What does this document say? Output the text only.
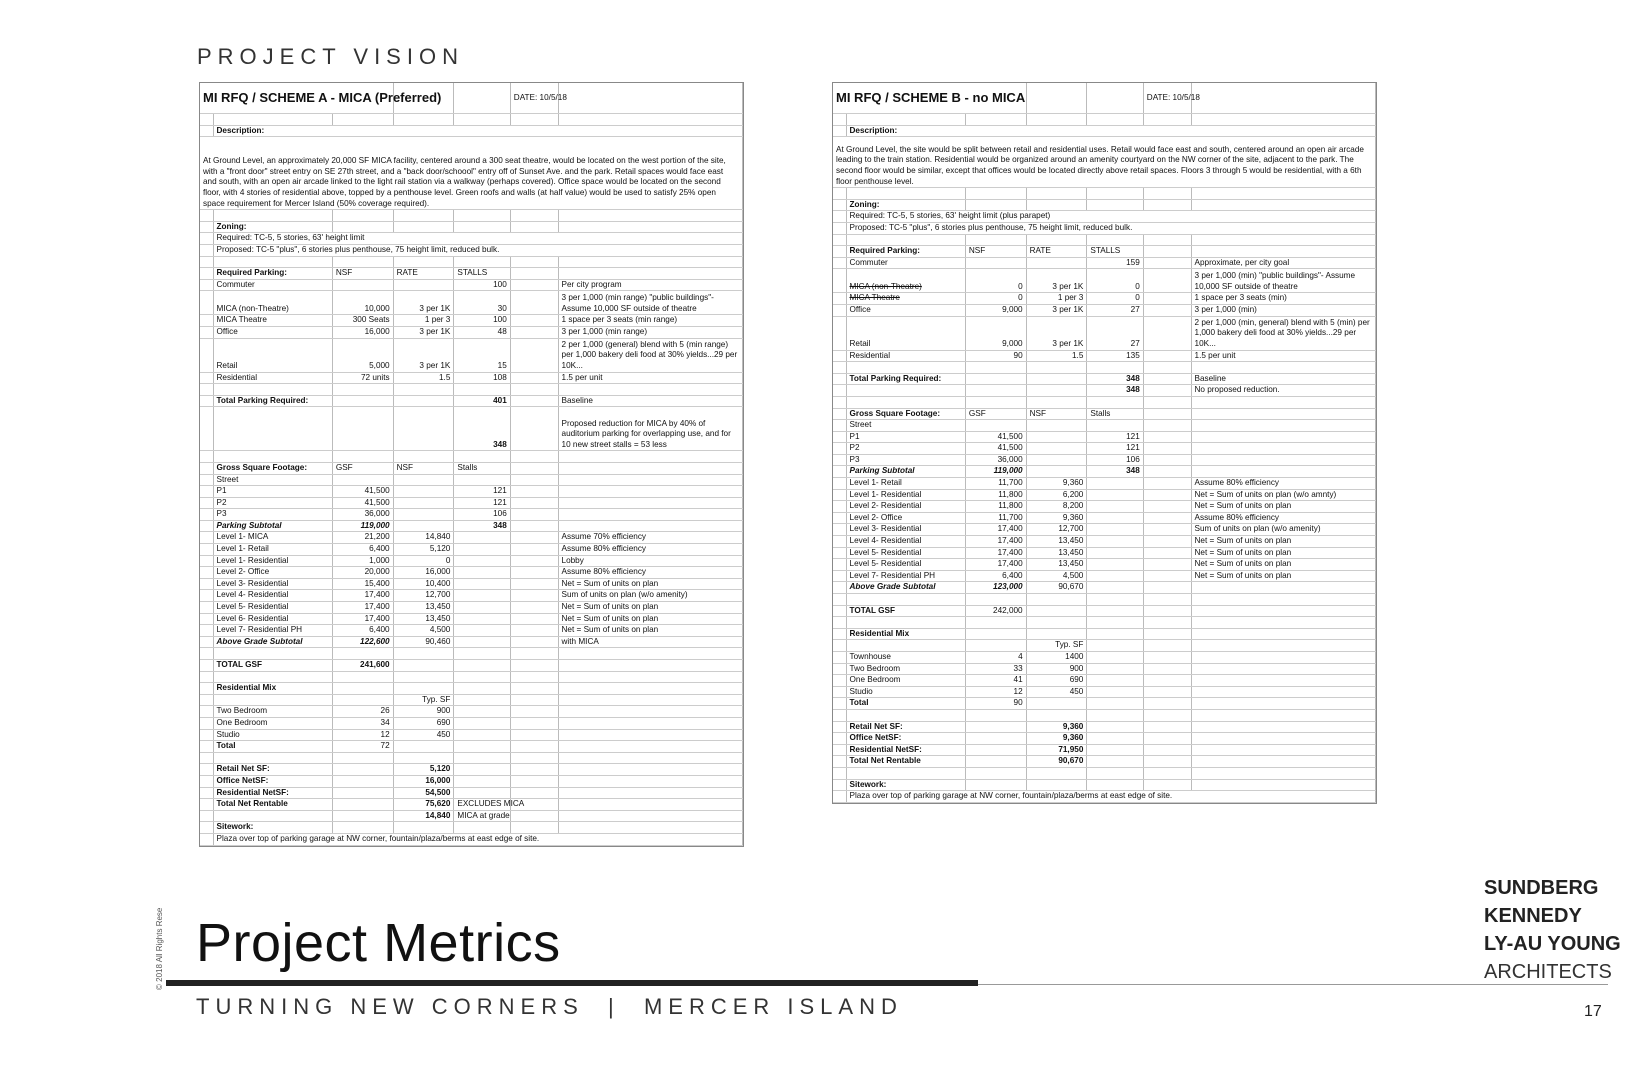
PROJECT VISION
MI RFQ / SCHEME A - MICA (Preferred)					DATE: 10/5/18	

	Description:					
At Ground Level, an approximately 20,000 SF MICA facility, centered around a 300 seat theatre, would be located on the west portion of the site, with a "front door" street entry on SE 27th street, and a "back door/schoool" entry off of Sunset Ave. and the park. Retail spaces would face east and south, with an open air arcade linked to the light rail station via a walkway (perhaps covered). Office space would be located on the second floor, with 4 stories of residential above, topped by a penthouse level. Green roofs and walls (at half value) would be used to satisfy 25% open space requirement for Mercer Island (50% coverage required).						

	Zoning:					
	Required: TC-5, 5 stories, 63' height limit					
	Proposed: TC-5 "plus", 6 stories plus penthouse, 75 height limit, reduced bulk.					

	Required Parking:	NSF	RATE	STALLS		
	Commuter			100		Per city program
	MICA (non-Theatre)	10,000	3 per 1K	30		3 per 1,000 (min range) "public buildings"- Assume 10,000 SF outside of theatre
	MICA Theatre	300 Seats	1 per 3	100		1 space per 3 seats (min range)
	Office	16,000	3 per 1K	48		3 per 1,000 (min range)
	Retail	5,000	3 per 1K	15		2 per 1,000 (general) blend with 5 (min range) per 1,000 bakery deli food at 30% yields...29 per 10K...
	Residential	72 units	1.5	108		1.5 per unit

	Total Parking Required:			401		Baseline
				348		Proposed reduction for MICA by 40% of auditorium parking for overlapping use, and for 10 new street stalls = 53 less

	Gross Square Footage:	GSF	NSF	Stalls		
	Street					
	P1	41,500		121		
	P2	41,500		121		
	P3	36,000		106		
	Parking Subtotal	119,000		348		
	Level 1- MICA	21,200	14,840			Assume 70% efficiency
	Level 1- Retail	6,400	5,120			Assume 80% efficiency
	Level 1- Residential	1,000	0			Lobby
	Level 2- Office	20,000	16,000			Assume 80% efficiency
	Level 3- Residential	15,400	10,400			Net = Sum of units on plan
	Level 4- Residential	17,400	12,700			Sum of units on plan (w/o amenity)
	Level 5- Residential	17,400	13,450			Net = Sum of units on plan
	Level 6- Residential	17,400	13,450			Net = Sum of units on plan
	Level 7- Residential PH	6,400	4,500			Net = Sum of units on plan
	Above Grade Subtotal	122,600	90,460			with MICA

	TOTAL GSF	241,600				

	Residential Mix					
			Typ. SF			
	Two Bedroom	26	900			
	One Bedroom	34	690			
	Studio	12	450			
	Total	72				

	Retail Net SF:		5,120			
	Office NetSF:		16,000			
	Residential NetSF:		54,500			
	Total Net Rentable		75,620	EXCLUDES MICA		
			14,840	MICA at grade		
	Sitework:					
	Plaza over top of parking garage at NW corner, fountain/plaza/berms at east edge of site.					
MI RFQ / SCHEME B - no MICA					DATE: 10/5/18	

	Description:					
At Ground Level, the site would be split between retail and residential uses. Retail would face east and south, centered around an open air arcade leading to the train station. Residential would be organized around an amenity courtyard on the NW corner of the site, adjacent to the park. The second floor would be similar, except that offices would be located directly above retail spaces. Floors 3 through 5 would be residential, with a 6th floor penthouse level.						

	Zoning:					
	Required: TC-5, 5 stories, 63' height limit (plus parapet)					
	Proposed: TC-5 "plus", 6 stories plus penthouse, 75 height limit, reduced bulk.					

	Required Parking:	NSF	RATE	STALLS		
	Commuter			159		Approximate, per city goal
	MICA (non-Theatre)	0	3 per 1K	0		3 per 1,000 (min) "public buildings"- Assume 10,000 SF outside of theatre
	MICA Theatre	0	1 per 3	0		1 space per 3 seats (min)
	Office	9,000	3 per 1K	27		3 per 1,000 (min)
	Retail	9,000	3 per 1K	27		2 per 1,000 (min, general) blend with 5 (min) per 1,000 bakery deli food at 30% yields...29 per 10K...
	Residential	90	1.5	135		1.5 per unit

	Total Parking Required:			348		Baseline
				348		No proposed reduction.

	Gross Square Footage:	GSF	NSF	Stalls		
	Street					
	P1	41,500		121		
	P2	41,500		121		
	P3	36,000		106		
	Parking Subtotal	119,000		348		
	Level 1- Retail	11,700	9,360			Assume 80% efficiency
	Level 1- Residential	11,800	6,200			Net = Sum of units on plan (w/o amnty)
	Level 2- Residential	11,800	8,200			Net = Sum of units on plan
	Level 2- Office	11,700	9,360			Assume 80% efficiency
	Level 3- Residential	17,400	12,700			Sum of units on plan (w/o amenity)
	Level 4- Residential	17,400	13,450			Net = Sum of units on plan
	Level 5- Residential	17,400	13,450			Net = Sum of units on plan
	Level 5- Residential	17,400	13,450			Net = Sum of units on plan
	Level 7- Residential PH	6,400	4,500			Net = Sum of units on plan
	Above Grade Subtotal	123,000	90,670			

	TOTAL GSF	242,000				

	Residential Mix					
			Typ. SF			
	Townhouse	4	1400			
	Two Bedroom	33	900			
	One Bedroom	41	690			
	Studio	12	450			
	Total	90				

	Retail Net SF:		9,360			
	Office NetSF:		9,360			
	Residential NetSF:		71,950			
	Total Net Rentable		90,670			

	Sitework:					
	Plaza over top of parking garage at NW corner, fountain/plaza/berms at east edge of site.					
© 2018 All Rights Rese Project Metrics
TURNING NEW CORNERS  |  MERCER ISLAND
SUNDBERG
KENNEDY
LY-AU YOUNG
ARCHITECTS
17
